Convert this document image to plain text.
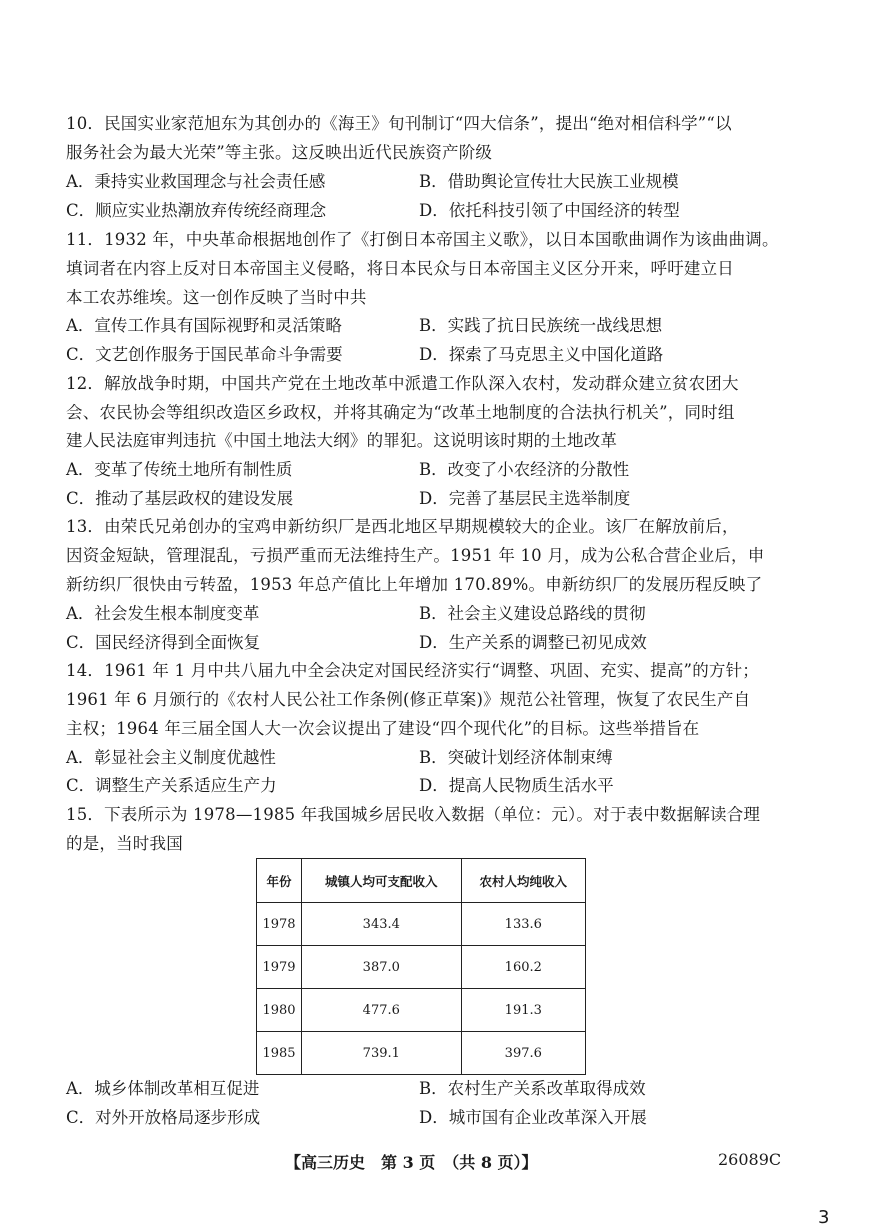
10．民国实业家范旭东为其创办的《海王》旬刊制订“四大信条”，提出“绝对相信科学”“以
服务社会为最大光荣”等主张。这反映出近代民族资产阶级
A．秉持实业救国理念与社会责任感	B．借助舆论宣传壮大民族工业规模
C．顺应实业热潮放弃传统经商理念	D．依托科技引领了中国经济的转型
11．1932 年，中央革命根据地创作了《打倒日本帝国主义歌》，以日本国歌曲调作为该曲曲调。
填词者在内容上反对日本帝国主义侵略，将日本民众与日本帝国主义区分开来，呼吁建立日
本工农苏维埃。这一创作反映了当时中共
A．宣传工作具有国际视野和灵活策略	B．实践了抗日民族统一战线思想
C．文艺创作服务于国民革命斗争需要	D．探索了马克思主义中国化道路
12．解放战争时期，中国共产党在土地改革中派遣工作队深入农村，发动群众建立贫农团大
会、农民协会等组织改造区乡政权，并将其确定为“改革土地制度的合法执行机关”，同时组
建人民法庭审判违抗《中国土地法大纲》的罪犯。这说明该时期的土地改革
A．变革了传统土地所有制性质	B．改变了小农经济的分散性
C．推动了基层政权的建设发展	D．完善了基层民主选举制度
13．由荣氏兄弟创办的宝鸡申新纺织厂是西北地区早期规模较大的企业。该厂在解放前后，
因资金短缺，管理混乱，亏损严重而无法维持生产。1951 年 10 月，成为公私合营企业后，申
新纺织厂很快由亏转盈，1953 年总产值比上年增加 170.89%。申新纺织厂的发展历程反映了
A．社会发生根本制度变革	B．社会主义建设总路线的贯彻
C．国民经济得到全面恢复	D．生产关系的调整已初见成效
14．1961 年 1 月中共八届九中全会决定对国民经济实行“调整、巩固、充实、提高”的方针；
1961 年 6 月颁行的《农村人民公社工作条例(修正草案)》规范公社管理，恢复了农民生产自
主权；1964 年三届全国人大一次会议提出了建设“四个现代化”的目标。这些举措旨在
A．彰显社会主义制度优越性	B．突破计划经济体制束缚
C．调整生产关系适应生产力	D．提高人民物质生活水平
15．下表所示为 1978—1985 年我国城乡居民收入数据（单位：元）。对于表中数据解读合理
的是，当时我国
年份	城镇人均可支配收入	农村人均纯收入
1978	343.4	133.6
1979	387.0	160.2
1980	477.6	191.3
1985	739.1	397.6
A．城乡体制改革相互促进	B．农村生产关系改革取得成效
C．对外开放格局逐步形成	D．城市国有企业改革深入开展
【高三历史　第 3 页　（共 8 页）】	26089C
3
